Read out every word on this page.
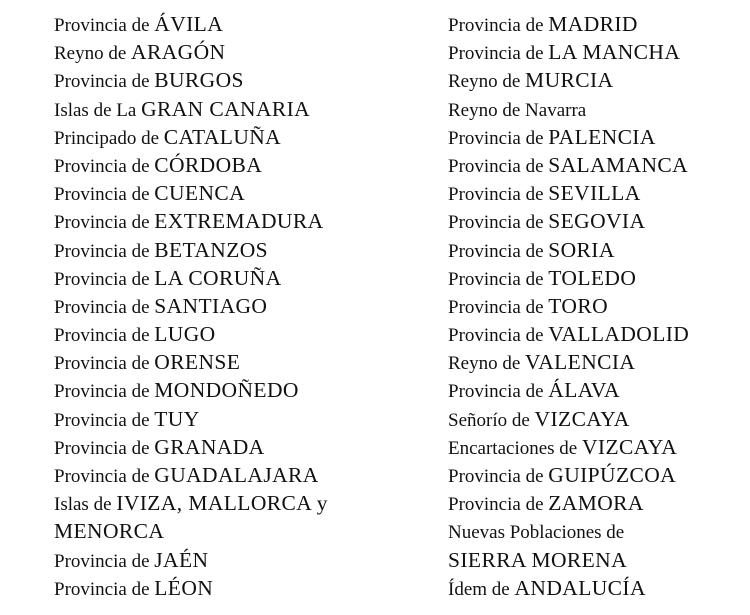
Provincia de ÁVILA
Reyno de ARAGÓN
Provincia de BURGOS
Islas de La GRAN CANARIA
Principado de CATALUÑA
Provincia de CÓRDOBA
Provincia de CUENCA
Provincia de EXTREMADURA
Provincia de BETANZOS
Provincia de LA CORUÑA
Provincia de SANTIAGO
Provincia de LUGO
Provincia de ORENSE
Provincia de MONDOÑEDO
Provincia de TUY
Provincia de GRANADA
Provincia de GUADALAJARA
Islas de IVIZA, MALLORCA y
MENORCA
Provincia de JAÉN
Provincia de LÉON
Provincia de MADRID
Provincia de LA MANCHA
Reyno de MURCIA
Reyno de Navarra
Provincia de PALENCIA
Provincia de SALAMANCA
Provincia de SEVILLA
Provincia de SEGOVIA
Provincia de SORIA
Provincia de TOLEDO
Provincia de TORO
Provincia de VALLADOLID
Reyno de VALENCIA
Provincia de ÁLAVA
Señorío de VIZCAYA
Encartaciones de VIZCAYA
Provincia de GUIPÚZCOA
Provincia de ZAMORA
Nuevas Poblaciones de
SIERRA MORENA
Ídem de ANDALUCÍA
